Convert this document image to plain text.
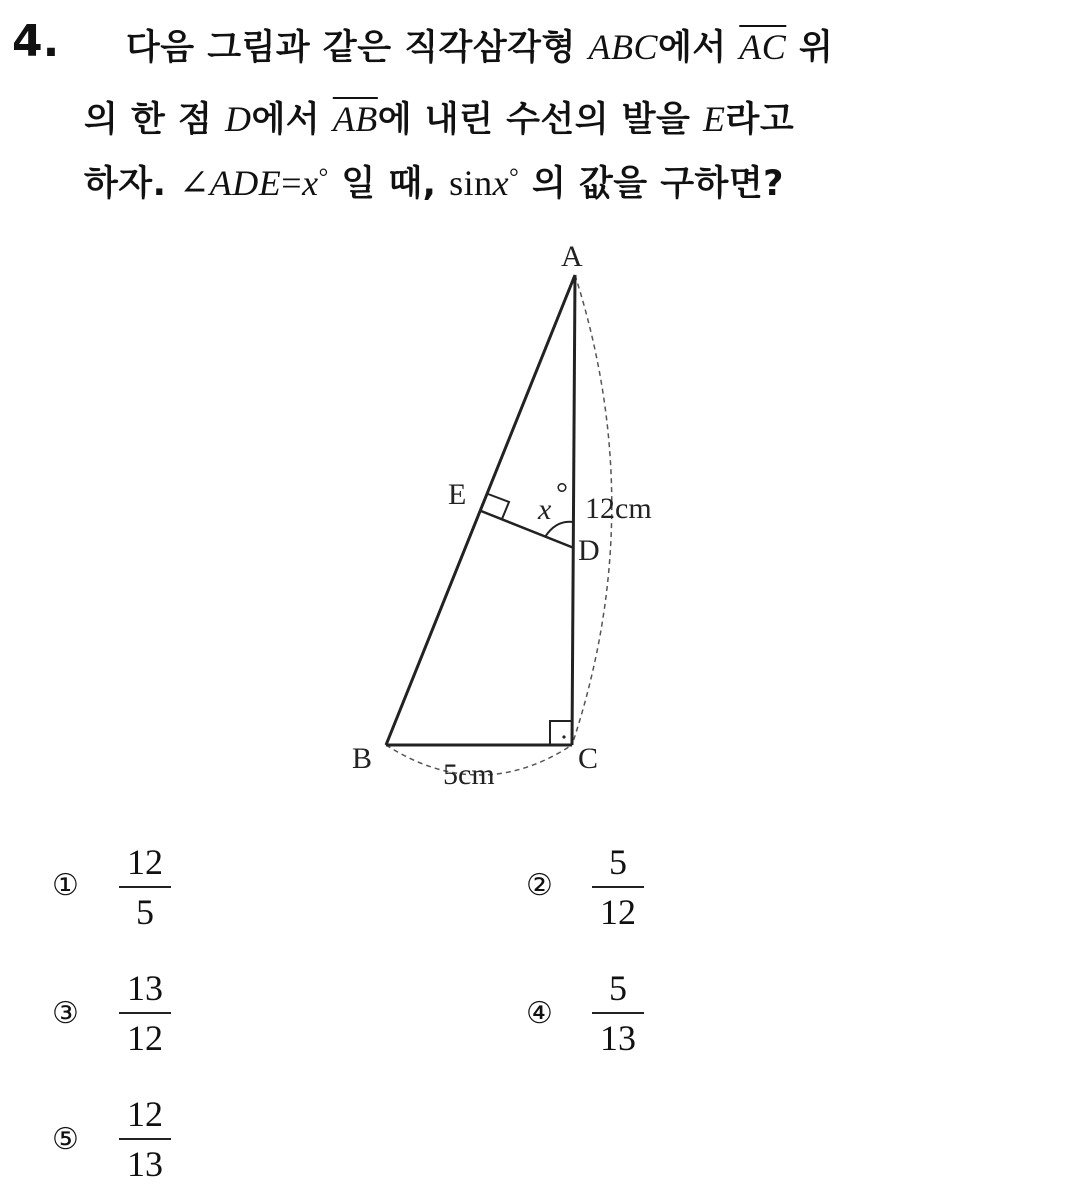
4. 다음 그림과 같은 직각삼각형 ABC에서 $\overline{AC}$ 위
의 한 점 D에서 $\overline{AB}$에 내린 수선의 발을 E라고
하자. ∠ADE=x° 일 때, sinx° 의 값을 구하면?
A
B	C
D
E x ° 12cm
5cm
①
12
5
②
5
12
③
13
12
④
5
13
⑤
12
13
